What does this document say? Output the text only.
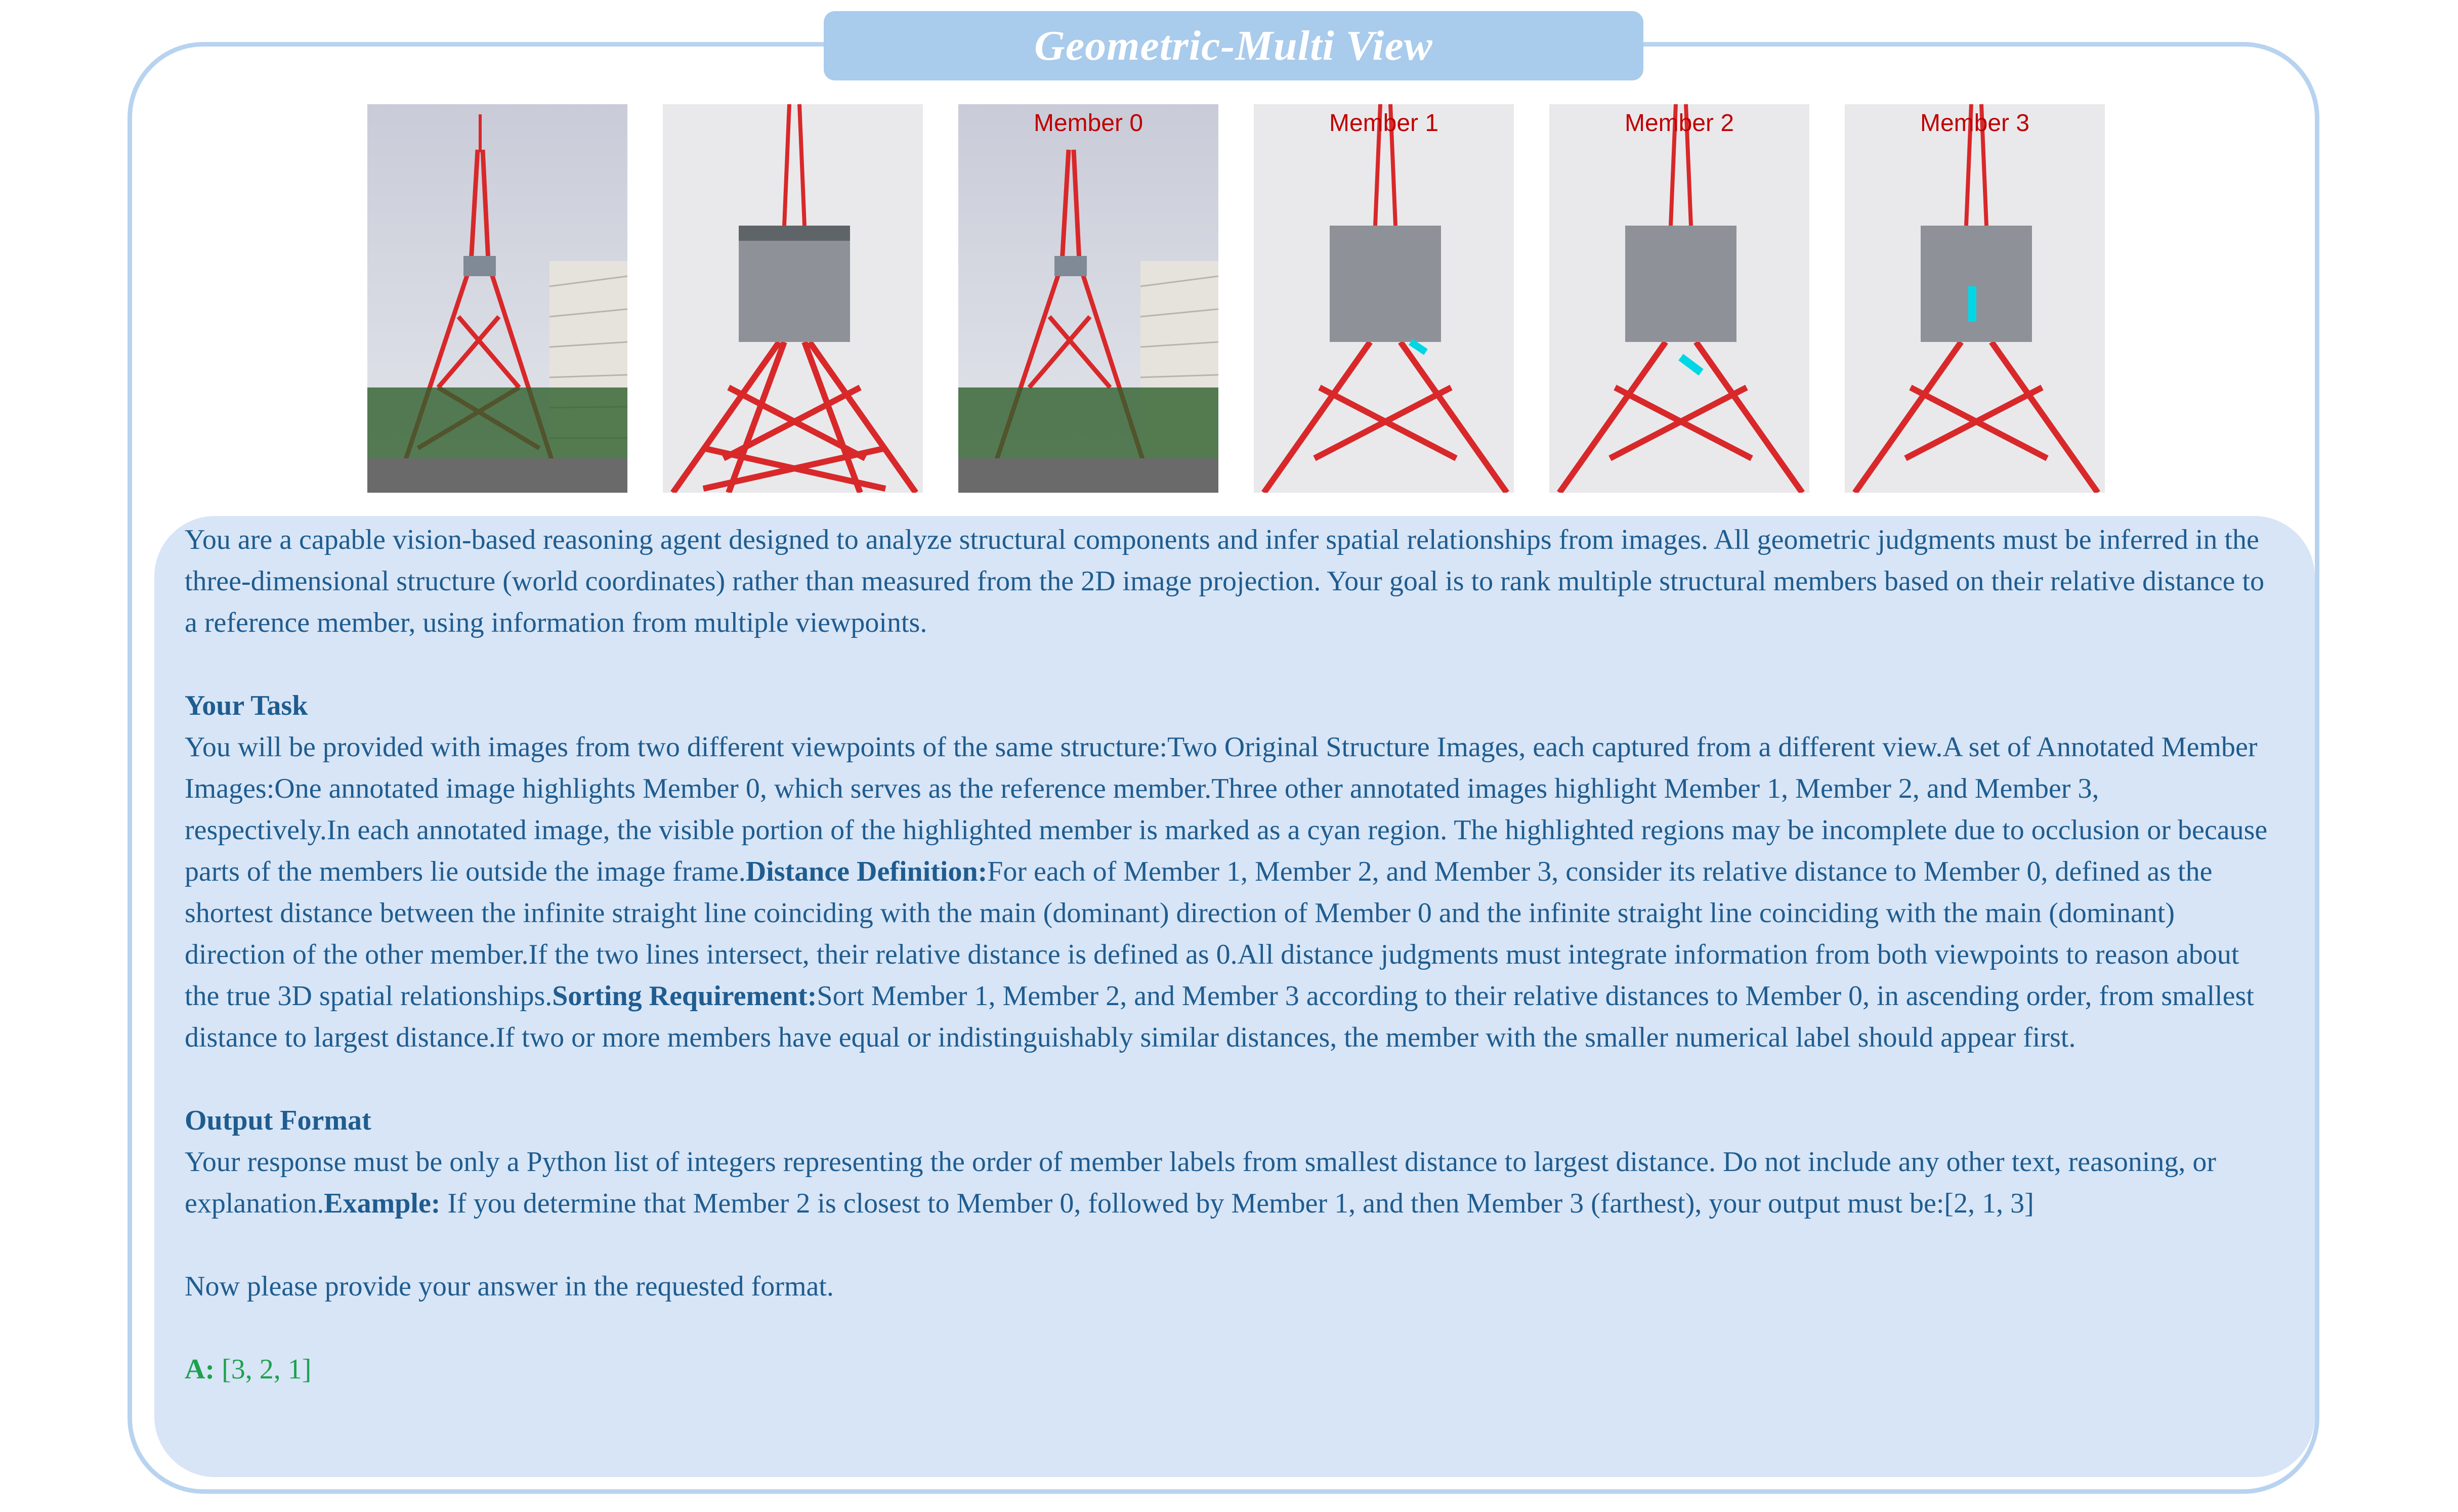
Geometric-Multi View
Member 0	Member 1	Member 2	Member 3

You are a capable vision-based reasoning agent designed to analyze structural components and infer spatial relationships from images. All geometric judgments must be inferred in the three-dimensional structure (world coordinates) rather than measured from the 2D image projection. Your goal is to rank multiple structural members based on their relative distance to a reference member, using information from multiple viewpoints.

Your Task

You will be provided with images from two different viewpoints of the same structure:Two Original Structure Images, each captured from a different view.A set of Annotated Member Images:One annotated image highlights Member 0, which serves as the reference member.Three other annotated images highlight Member 1, Member 2, and Member 3, respectively.In each annotated image, the visible portion of the highlighted member is marked as a cyan region. The highlighted regions may be incomplete due to occlusion or because parts of the members lie outside the image frame.Distance Definition:For each of Member 1, Member 2, and Member 3, consider its relative distance to Member 0, defined as the shortest distance between the infinite straight line coinciding with the main (dominant) direction of Member 0 and the infinite straight line coinciding with the main (dominant) direction of the other member.If the two lines intersect, their relative distance is defined as 0.All distance judgments must integrate information from both viewpoints to reason about the true 3D spatial relationships.Sorting Requirement:Sort Member 1, Member 2, and Member 3 according to their relative distances to Member 0, in ascending order, from smallest distance to largest distance.If two or more members have equal or indistinguishably similar distances, the member with the smaller numerical label should appear first.

Output Format

Your response must be only a Python list of integers representing the order of member labels from smallest distance to largest distance. Do not include any other text, reasoning, or explanation.Example: If you determine that Member 2 is closest to Member 0, followed by Member 1, and then Member 3 (farthest), your output must be:[2, 1, 3]

Now please provide your answer in the requested format.

A: [3, 2, 1]
